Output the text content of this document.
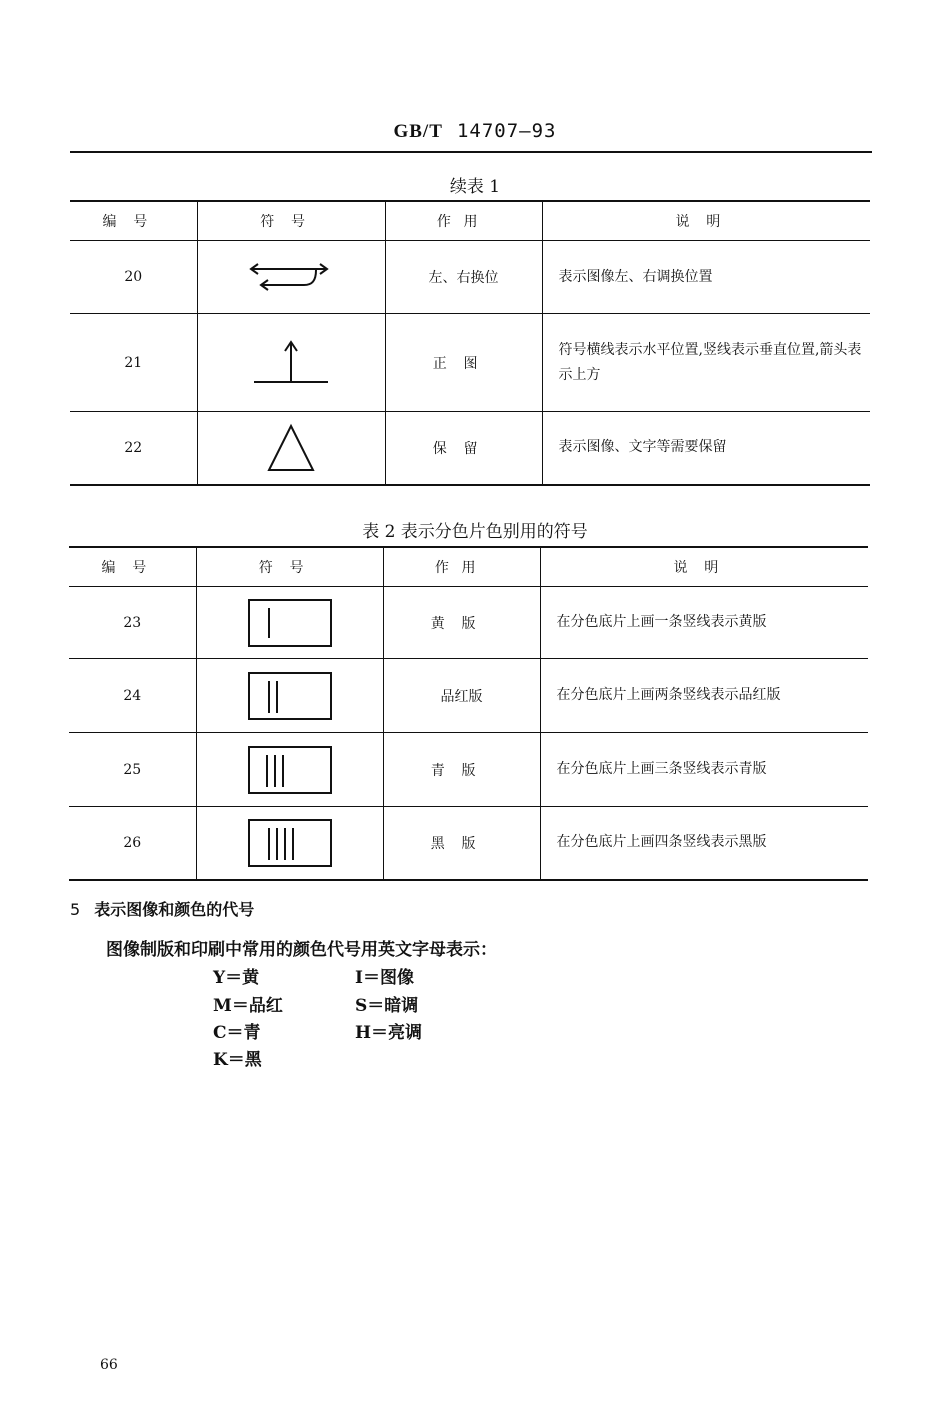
GB/T 14707—93
续表 1
编号	符号	作用	说明
20		左、右换位	表示图像左、右调换位置
21		正图	符号横线表示水平位置,竖线表示垂直位置,箭头表示上方
22		保留	表示图像、文字等需要保留
表 2 表示分色片色别用的符号
编号	符号	作用	说明
23		黄版	在分色底片上画一条竖线表示黄版
24		品红版	在分色底片上画两条竖线表示品红版
25		青版	在分色底片上画三条竖线表示青版
26		黑版	在分色底片上画四条竖线表示黑版
5 表示图像和颜色的代号
图像制版和印刷中常用的颜色代号用英文字母表示：
Y＝黄
M＝品红
C＝青
K＝黑
I＝图像
S＝暗调
H＝亮调
66
